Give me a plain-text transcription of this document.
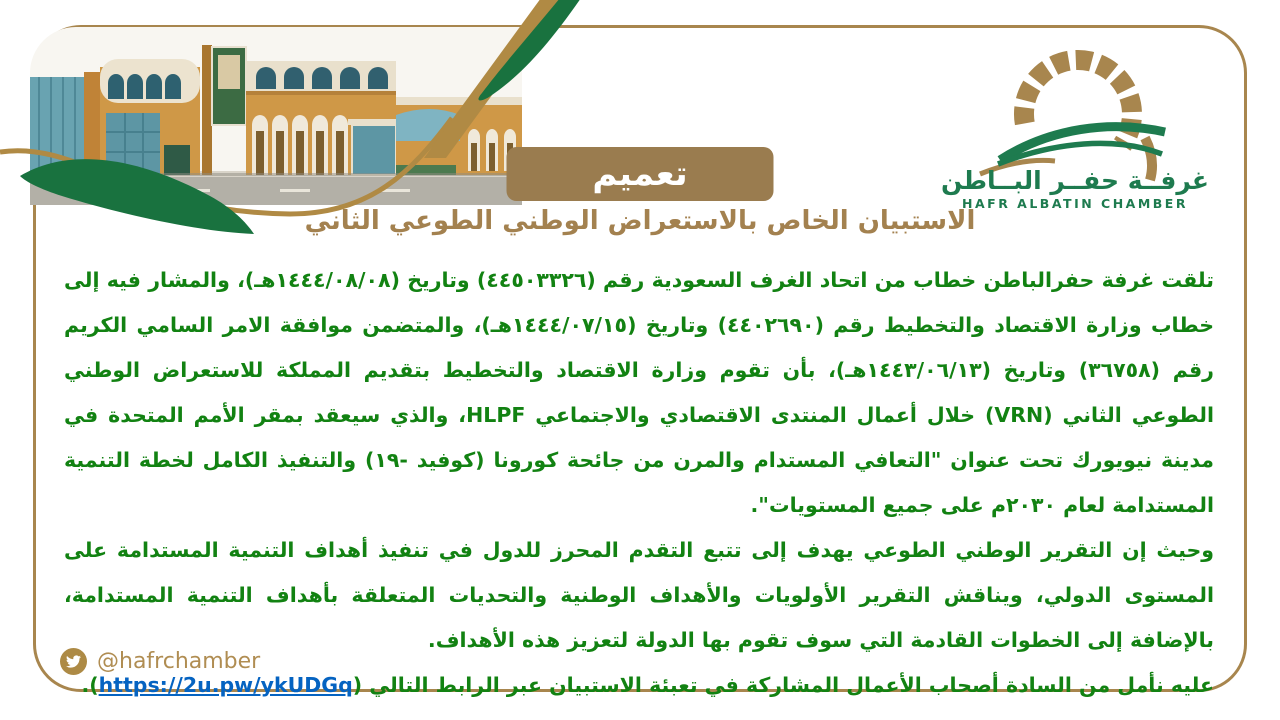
غرفــة حفــر البــاطن
HAFR ALBATIN CHAMBER
تعميم
الاستبيان الخاص بالاستعراض الوطني الطوعي الثاني

تلقت غرفة حفرالباطن خطاب من اتحاد الغرف السعودية رقم (٤٤٥٠٣٣٢٦) وتاريخ (١٤٤٤/٠٨/٠٨هـ)، والمشار فيه إلى خطاب وزارة الاقتصاد والتخطيط رقم (٤٤٠٢٦٩٠) وتاريخ (١٤٤٤/٠٧/١٥هـ)، والمتضمن موافقة الامر السامي الكريم رقم (٣٦٧٥٨) وتاريخ (١٤٤٣/٠٦/١٣هـ)، بأن تقوم وزارة الاقتصاد والتخطيط بتقديم المملكة للاستعراض الوطني الطوعي الثاني (VRN) خلال أعمال المنتدى الاقتصادي والاجتماعي HLPF، والذي سيعقد بمقر الأمم المتحدة في مدينة نيويورك تحت عنوان "التعافي المستدام والمرن من جائحة كورونا (كوفيد -١٩) والتنفيذ الكامل لخطة التنمية المستدامة لعام ٢٠٣٠م على جميع المستويات".

وحيث إن التقرير الوطني الطوعي يهدف إلى تتبع التقدم المحرز للدول في تنفيذ أهداف التنمية المستدامة على المستوى الدولي، ويناقش التقرير الأولويات والأهداف الوطنية والتحديات المتعلقة بأهداف التنمية المستدامة، بالإضافة إلى الخطوات القادمة التي سوف تقوم بها الدولة لتعزيز هذه الأهداف.

عليه نأمل من السادة أصحاب الأعمال المشاركة في تعبئة الاستبيان عبر الرابط التالي (https://2u.pw/ykUDGq).

@hafrchamber
